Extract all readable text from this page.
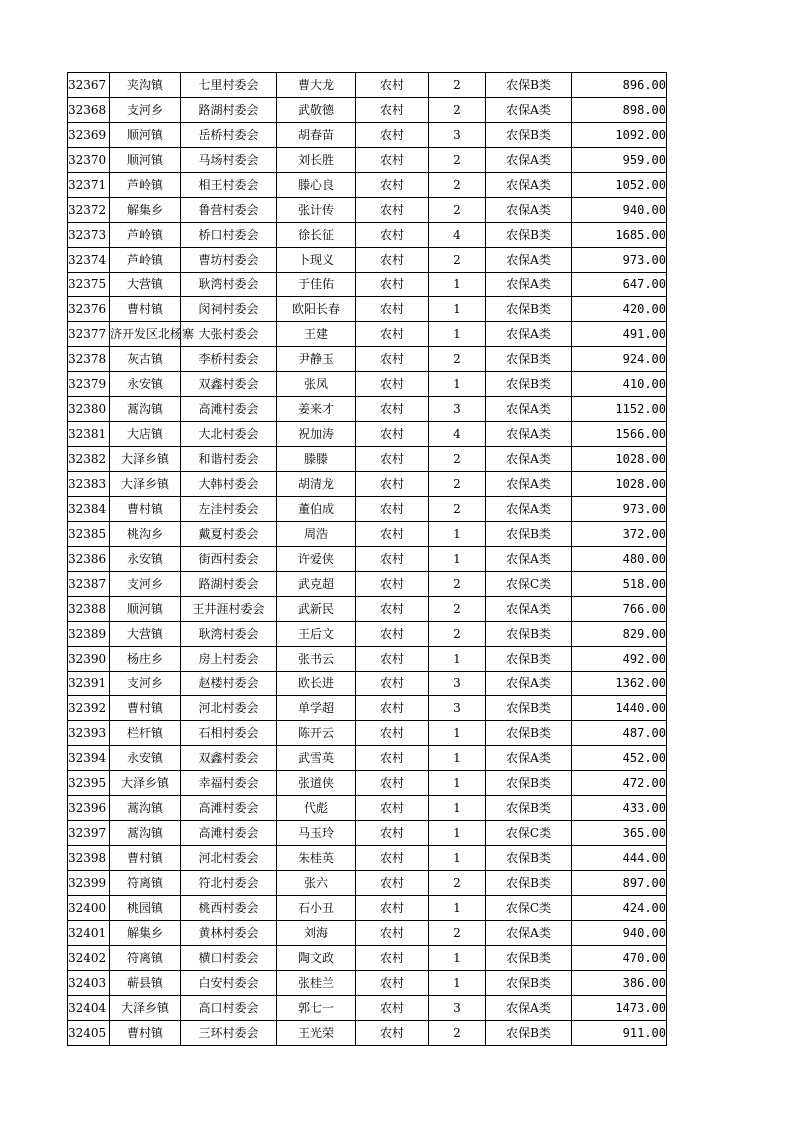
32367	夹沟镇	七里村委会	曹大龙	农村	2	农保B类	896.00
32368	支河乡	路湖村委会	武敬德	农村	2	农保A类	898.00
32369	顺河镇	岳桥村委会	胡春苗	农村	3	农保B类	1092.00
32370	顺河镇	马场村委会	刘长胜	农村	2	农保A类	959.00
32371	芦岭镇	相王村委会	滕心良	农村	2	农保A类	1052.00
32372	解集乡	鲁营村委会	张计传	农村	2	农保A类	940.00
32373	芦岭镇	桥口村委会	徐长征	农村	4	农保B类	1685.00
32374	芦岭镇	曹坊村委会	卜现义	农村	2	农保A类	973.00
32375	大营镇	耿湾村委会	于佳佑	农村	1	农保A类	647.00
32376	曹村镇	闵祠村委会	欧阳长春	农村	1	农保B类	420.00
32377	济开发区北杨寨	大张村委会	王建	农村	1	农保A类	491.00
32378	灰古镇	李桥村委会	尹静玉	农村	2	农保B类	924.00
32379	永安镇	双鑫村委会	张凤	农村	1	农保B类	410.00
32380	蒿沟镇	高滩村委会	姜来才	农村	3	农保A类	1152.00
32381	大店镇	大北村委会	祝加涛	农村	4	农保A类	1566.00
32382	大泽乡镇	和谐村委会	滕滕	农村	2	农保A类	1028.00
32383	大泽乡镇	大韩村委会	胡清龙	农村	2	农保A类	1028.00
32384	曹村镇	左洼村委会	董伯成	农村	2	农保A类	973.00
32385	桃沟乡	戴夏村委会	周浩	农村	1	农保B类	372.00
32386	永安镇	街西村委会	许爱侠	农村	1	农保A类	480.00
32387	支河乡	路湖村委会	武克超	农村	2	农保C类	518.00
32388	顺河镇	王井涯村委会	武新民	农村	2	农保A类	766.00
32389	大营镇	耿湾村委会	王后文	农村	2	农保B类	829.00
32390	杨庄乡	房上村委会	张书云	农村	1	农保B类	492.00
32391	支河乡	赵楼村委会	欧长进	农村	3	农保A类	1362.00
32392	曹村镇	河北村委会	单学超	农村	3	农保B类	1440.00
32393	栏杆镇	石相村委会	陈开云	农村	1	农保B类	487.00
32394	永安镇	双鑫村委会	武雪英	农村	1	农保A类	452.00
32395	大泽乡镇	幸福村委会	张道侠	农村	1	农保B类	472.00
32396	蒿沟镇	高滩村委会	代彪	农村	1	农保B类	433.00
32397	蒿沟镇	高滩村委会	马玉玲	农村	1	农保C类	365.00
32398	曹村镇	河北村委会	朱桂英	农村	1	农保B类	444.00
32399	符离镇	符北村委会	张六	农村	2	农保B类	897.00
32400	桃园镇	桃西村委会	石小丑	农村	1	农保C类	424.00
32401	解集乡	黄林村委会	刘海	农村	2	农保A类	940.00
32402	符离镇	横口村委会	陶文政	农村	1	农保B类	470.00
32403	蕲县镇	白安村委会	张桂兰	农村	1	农保B类	386.00
32404	大泽乡镇	高口村委会	郭七一	农村	3	农保A类	1473.00
32405	曹村镇	三环村委会	王光荣	农村	2	农保B类	911.00
